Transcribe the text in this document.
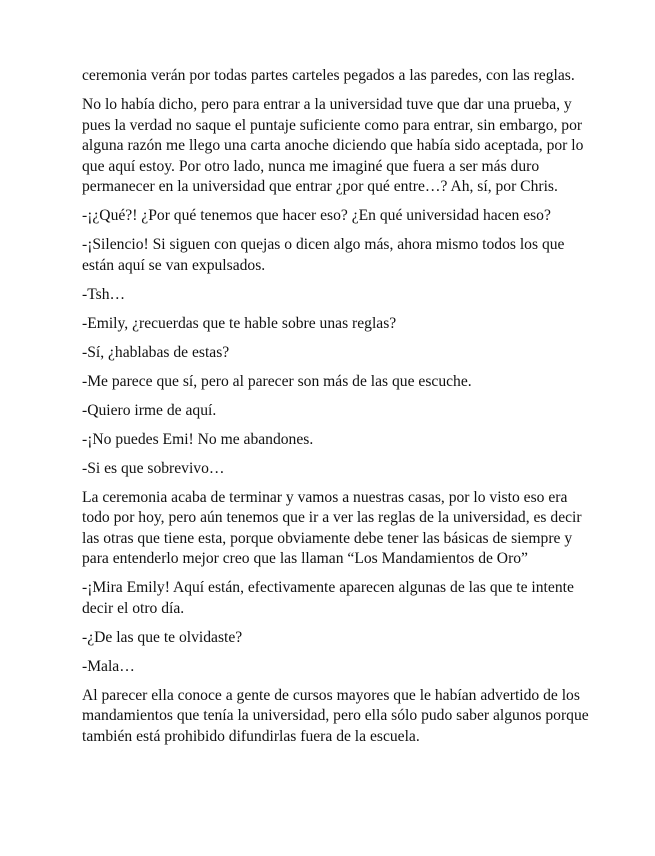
ceremonia verán por todas partes carteles pegados a las paredes, con las reglas.

No lo había dicho, pero para entrar a la universidad tuve que dar una prueba, y pues la verdad no saque el puntaje suficiente como para entrar, sin embargo, por alguna razón me llego una carta anoche diciendo que había sido aceptada, por lo que aquí estoy. Por otro lado, nunca me imaginé que fuera a ser más duro permanecer en la universidad que entrar ¿por qué entre…? Ah, sí, por Chris.

-¡¿Qué?! ¿Por qué tenemos que hacer eso? ¿En qué universidad hacen eso?

-¡Silencio! Si siguen con quejas o dicen algo más, ahora mismo todos los que están aquí se van expulsados.

-Tsh…

-Emily, ¿recuerdas que te hable sobre unas reglas?

-Sí, ¿hablabas de estas?

-Me parece que sí, pero al parecer son más de las que escuche.

-Quiero irme de aquí.

-¡No puedes Emi! No me abandones.

-Si es que sobrevivo…

La ceremonia acaba de terminar y vamos a nuestras casas, por lo visto eso era todo por hoy, pero aún tenemos que ir a ver las reglas de la universidad, es decir las otras que tiene esta, porque obviamente debe tener las básicas de siempre y para entenderlo mejor creo que las llaman “Los Mandamientos de Oro”

-¡Mira Emily! Aquí están, efectivamente aparecen algunas de las que te intente decir el otro día.

-¿De las que te olvidaste?

-Mala…

Al parecer ella conoce a gente de cursos mayores que le habían advertido de los mandamientos que tenía la universidad, pero ella sólo pudo saber algunos porque también está prohibido difundirlas fuera de la escuela.
